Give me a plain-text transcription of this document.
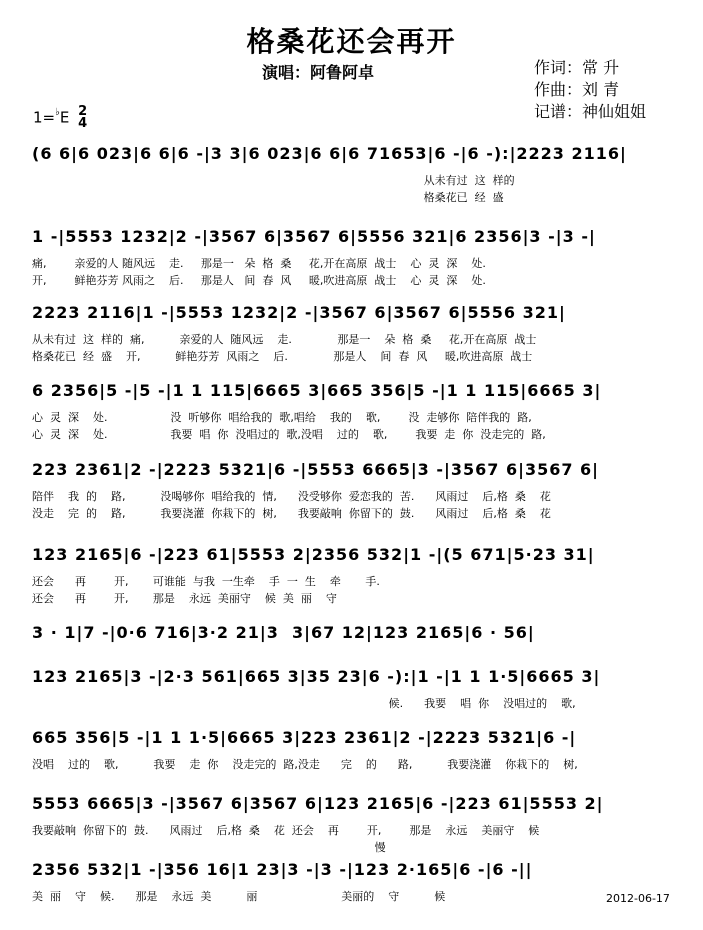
格桑花还会再开
演唱：阿鲁阿卓	作词：常 升
作曲：刘 青
记谱：神仙姐姐
1=♭E 2
4
(6 6|6 023|6 6|6 -|3 3|6 023|6 6|6 71653|6 -|6 -):|2223 2116|
从未有过  这  样的
格桑花已  经  盛
1 -|5553 1232|2 -|3567 6|3567 6|5556 321|6 2356|3 -|3 -|
痛,        亲爱的人 随风远    走.     那是一   朵  格  桑     花,开在高原  战士    心  灵  深    处.
开,        鲜艳芬芳 风雨之    后.     那是人   间  春  风     暖,吹进高原  战士    心  灵  深    处.
2223 2116|1 -|5553 1232|2 -|3567 6|3567 6|5556 321|
从未有过  这  样的  痛,          亲爱的人  随风远    走.             那是一    朵  格  桑     花,开在高原  战士
格桑花已  经  盛    开,          鲜艳芬芳  风雨之    后.             那是人    间  春  风     暖,吹进高原  战士
6 2356|5 -|5 -|1 1 115|6665 3|665 356|5 -|1 1 115|6665 3|
心  灵  深    处.                  没  听够你  唱给我的  歌,唱给    我的    歌,        没  走够你  陪伴我的  路,
心  灵  深    处.                  我要  唱  你  没唱过的  歌,没唱    过的    歌,        我要  走  你  没走完的  路,
223 2361|2 -|2223 5321|6 -|5553 6665|3 -|3567 6|3567 6|
陪伴    我  的    路,          没喝够你  唱给我的  情,      没受够你  爱恋我的  苦.      风雨过    后,格  桑    花
没走    完  的    路,          我要浇灌  你栽下的  树,      我要敲响  你留下的  鼓.      风雨过    后,格  桑    花
123 2165|6 -|223 61|5553 2|2356 532|1 -|(5 671|5·23 31|
还会      再        开,       可谁能  与我  一生牵    手  一  生    牵       手.
还会      再        开,       那是    永远  美丽守    候  美  丽    守
3 · 1|7 -|0·6 716|3·2 21|3  3|67 12|123 2165|6 · 56|
123 2165|3 -|2·3 561|665 3|35 23|6 -):|1 -|1 1 1·5|6665 3|
候.      我要    唱  你    没唱过的    歌,
665 356|5 -|1 1 1·5|6665 3|223 2361|2 -|2223 5321|6 -|
没唱    过的    歌,          我要    走  你    没走完的  路,没走      完    的      路,          我要浇灌    你栽下的    树,
5553 6665|3 -|3567 6|3567 6|123 2165|6 -|223 61|5553 2|
我要敲响  你留下的  鼓.      风雨过    后,格  桑    花  还会    再        开,        那是    永远    美丽守    候
慢
2356 532|1 -|356 16|1 23|3 -|3 -|123 2·165|6 -|6 -||
美  丽    守    候.      那是    永远  美          丽                        美丽的    守          候	2012-06-17
